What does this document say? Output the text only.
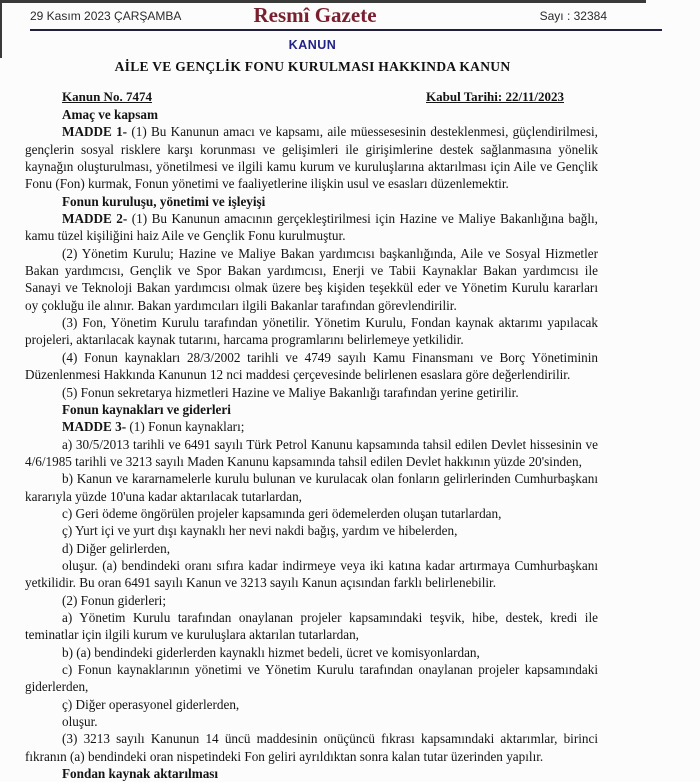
29 Kasım 2023 ÇARŞAMBA	Resmî Gazete	Sayı : 32384
KANUN
AİLE VE GENÇLİK FONU KURULMASI HAKKINDA KANUN
Kanun No. 7474	Kabul Tarihi: 22/11/2023

Amaç ve kapsam

MADDE 1- (1) Bu Kanunun amacı ve kapsamı, aile müessesesinin desteklenmesi, güçlendirilmesi, gençlerin sosyal risklere karşı korunması ve gelişimleri ile girişimlerine destek sağlanmasına yönelik kaynağın oluşturulması, yönetilmesi ve ilgili kamu kurum ve kuruluşlarına aktarılması için Aile ve Gençlik Fonu (Fon) kurmak, Fonun yönetimi ve faaliyetlerine ilişkin usul ve esasları düzenlemektir.

Fonun kuruluşu, yönetimi ve işleyişi

MADDE 2- (1) Bu Kanunun amacının gerçekleştirilmesi için Hazine ve Maliye Bakanlığına bağlı, kamu tüzel kişiliğini haiz Aile ve Gençlik Fonu kurulmuştur.

(2) Yönetim Kurulu; Hazine ve Maliye Bakan yardımcısı başkanlığında, Aile ve Sosyal Hizmetler Bakan yardımcısı, Gençlik ve Spor Bakan yardımcısı, Enerji ve Tabii Kaynaklar Bakan yardımcısı ile Sanayi ve Teknoloji Bakan yardımcısı olmak üzere beş kişiden teşekkül eder ve Yönetim Kurulu kararları oy çokluğu ile alınır. Bakan yardımcıları ilgili Bakanlar tarafından görevlendirilir.

(3) Fon, Yönetim Kurulu tarafından yönetilir. Yönetim Kurulu, Fondan kaynak aktarımı yapılacak projeleri, aktarılacak kaynak tutarını, harcama programlarını belirlemeye yetkilidir.

(4) Fonun kaynakları 28/3/2002 tarihli ve 4749 sayılı Kamu Finansmanı ve Borç Yönetiminin Düzenlenmesi Hakkında Kanunun 12 nci maddesi çerçevesinde belirlenen esaslara göre değerlendirilir.

(5) Fonun sekretarya hizmetleri Hazine ve Maliye Bakanlığı tarafından yerine getirilir.

Fonun kaynakları ve giderleri

MADDE 3- (1) Fonun kaynakları;

a) 30/5/2013 tarihli ve 6491 sayılı Türk Petrol Kanunu kapsamında tahsil edilen Devlet hissesinin ve 4/6/1985 tarihli ve 3213 sayılı Maden Kanunu kapsamında tahsil edilen Devlet hakkının yüzde 20'sinden,

b) Kanun ve kararnamelerle kurulu bulunan ve kurulacak olan fonların gelirlerinden Cumhurbaşkanı kararıyla yüzde 10'una kadar aktarılacak tutarlardan,

c) Geri ödeme öngörülen projeler kapsamında geri ödemelerden oluşan tutarlardan,

ç) Yurt içi ve yurt dışı kaynaklı her nevi nakdi bağış, yardım ve hibelerden,

d) Diğer gelirlerden,

oluşur. (a) bendindeki oranı sıfıra kadar indirmeye veya iki katına kadar artırmaya Cumhurbaşkanı yetkilidir. Bu oran 6491 sayılı Kanun ve 3213 sayılı Kanun açısından farklı belirlenebilir.

(2) Fonun giderleri;

a) Yönetim Kurulu tarafından onaylanan projeler kapsamındaki teşvik, hibe, destek, kredi ile teminatlar için ilgili kurum ve kuruluşlara aktarılan tutarlardan,

b) (a) bendindeki giderlerden kaynaklı hizmet bedeli, ücret ve komisyonlardan,

c) Fonun kaynaklarının yönetimi ve Yönetim Kurulu tarafından onaylanan projeler kapsamındaki giderlerden,

ç) Diğer operasyonel giderlerden,

oluşur.

(3) 3213 sayılı Kanunun 14 üncü maddesinin onüçüncü fıkrası kapsamındaki aktarımlar, birinci fıkranın (a) bendindeki oran nispetindeki Fon geliri ayrıldıktan sonra kalan tutar üzerinden yapılır.

Fondan kaynak aktarılması
